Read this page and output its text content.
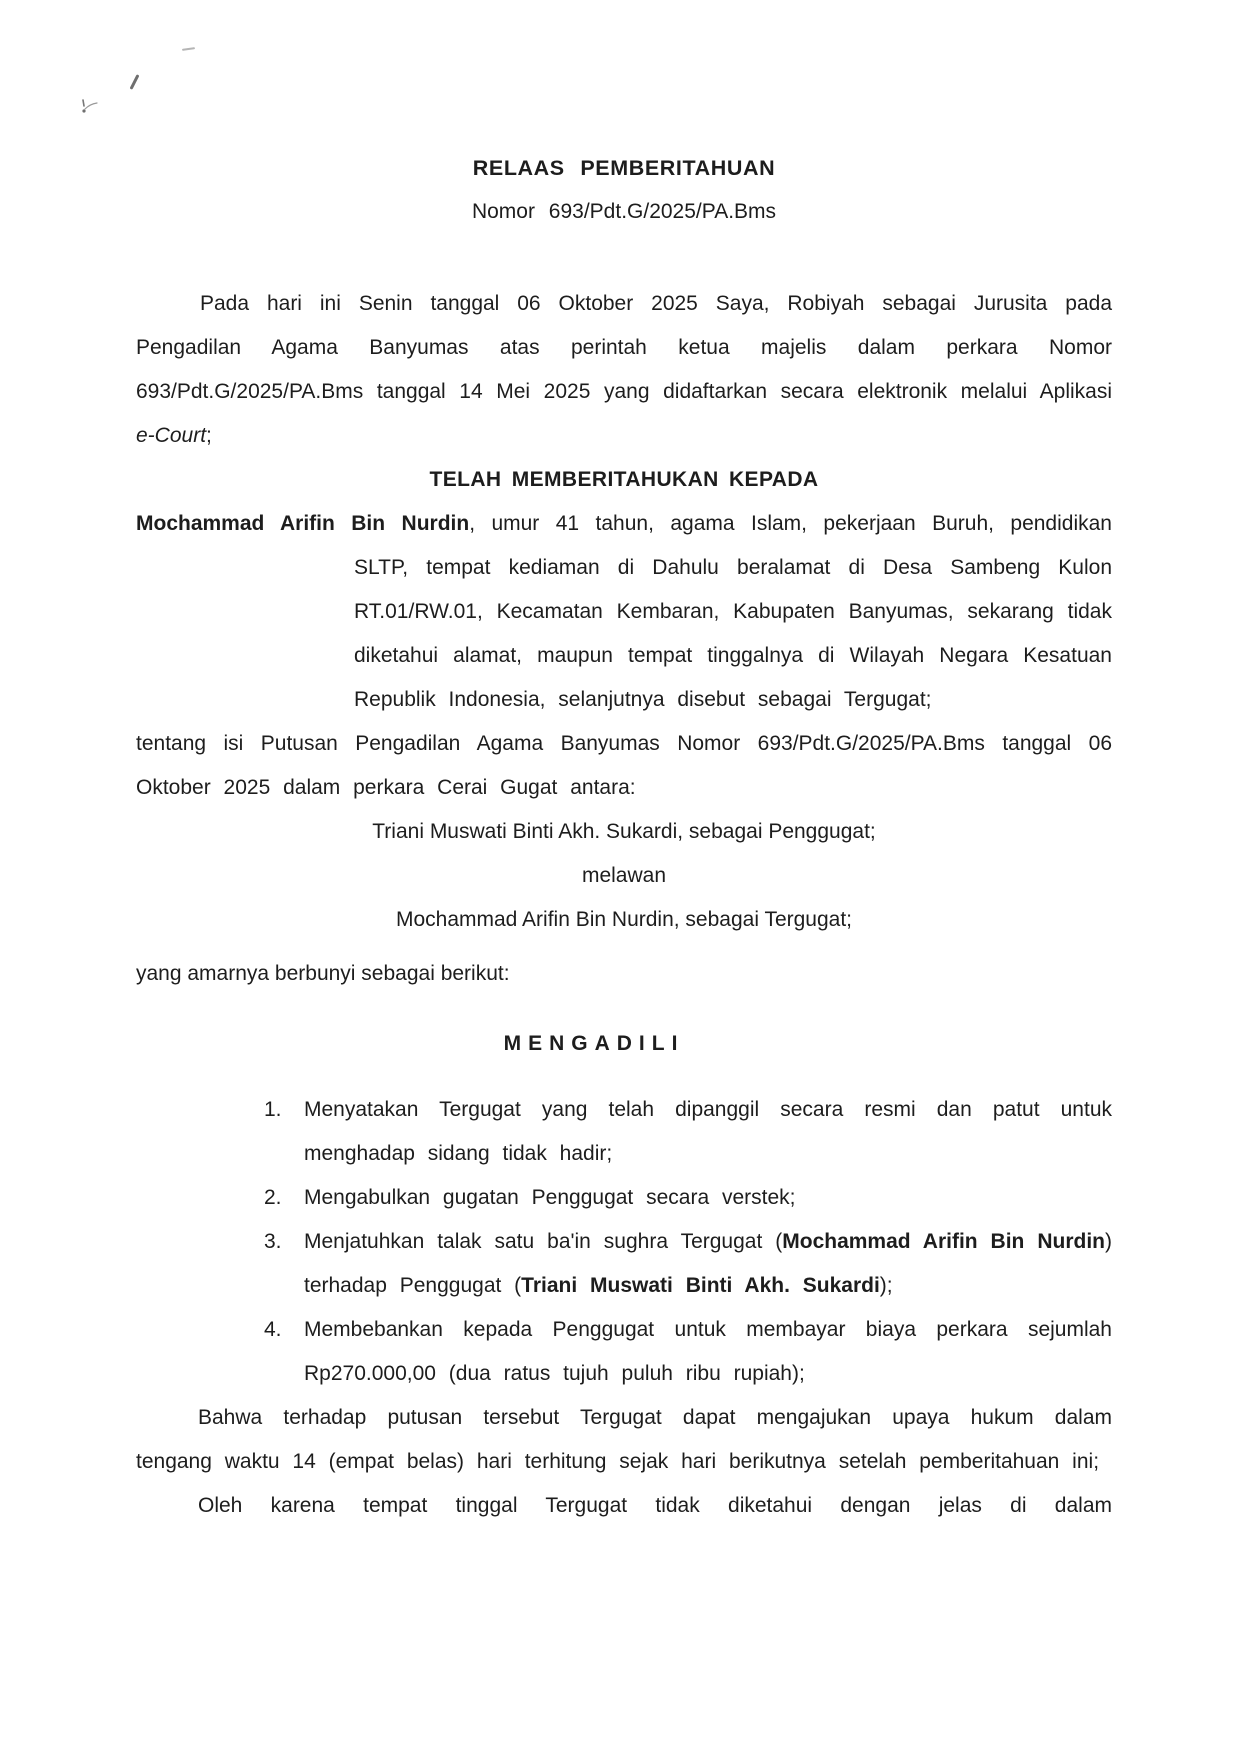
RELAAS PEMBERITAHUAN
Nomor 693/Pdt.G/2025/PA.Bms

Pada hari ini Senin tanggal 06 Oktober 2025 Saya, Robiyah sebagai Jurusita pada Pengadilan Agama Banyumas atas perintah ketua majelis dalam perkara Nomor 693/Pdt.G/2025/PA.Bms tanggal 14 Mei 2025 yang didaftarkan secara elektronik melalui Aplikasi e-Court;

TELAH MEMBERITAHUKAN KEPADA

Mochammad Arifin Bin Nurdin, umur 41 tahun, agama Islam, pekerjaan Buruh, pendidikan SLTP, tempat kediaman di Dahulu beralamat di Desa Sambeng Kulon RT.01/RW.01, Kecamatan Kembaran, Kabupaten Banyumas, sekarang tidak diketahui alamat, maupun tempat tinggalnya di Wilayah Negara Kesatuan Republik Indonesia, selanjutnya disebut sebagai Tergugat;

tentang isi Putusan Pengadilan Agama Banyumas Nomor 693/Pdt.G/2025/PA.Bms tanggal 06 Oktober 2025 dalam perkara Cerai Gugat antara:

Triani Muswati Binti Akh. Sukardi, sebagai Penggugat;
melawan
Mochammad Arifin Bin Nurdin, sebagai Tergugat;
yang amarnya berbunyi sebagai berikut:
MENGADILI
1.	Menyatakan Tergugat yang telah dipanggil secara resmi dan patut untuk menghadap sidang tidak hadir;
2.	Mengabulkan gugatan Penggugat secara verstek;
3.	Menjatuhkan talak satu ba'in sughra Tergugat (Mochammad Arifin Bin Nurdin) terhadap Penggugat (Triani Muswati Binti Akh. Sukardi);
4.	Membebankan kepada Penggugat untuk membayar biaya perkara sejumlah Rp270.000,00 (dua ratus tujuh puluh ribu rupiah);

Bahwa terhadap putusan tersebut Tergugat dapat mengajukan upaya hukum dalam tengang waktu 14 (empat belas) hari terhitung sejak hari berikutnya setelah pemberitahuan ini;

Oleh karena tempat tinggal Tergugat tidak diketahui dengan jelas di dalam
